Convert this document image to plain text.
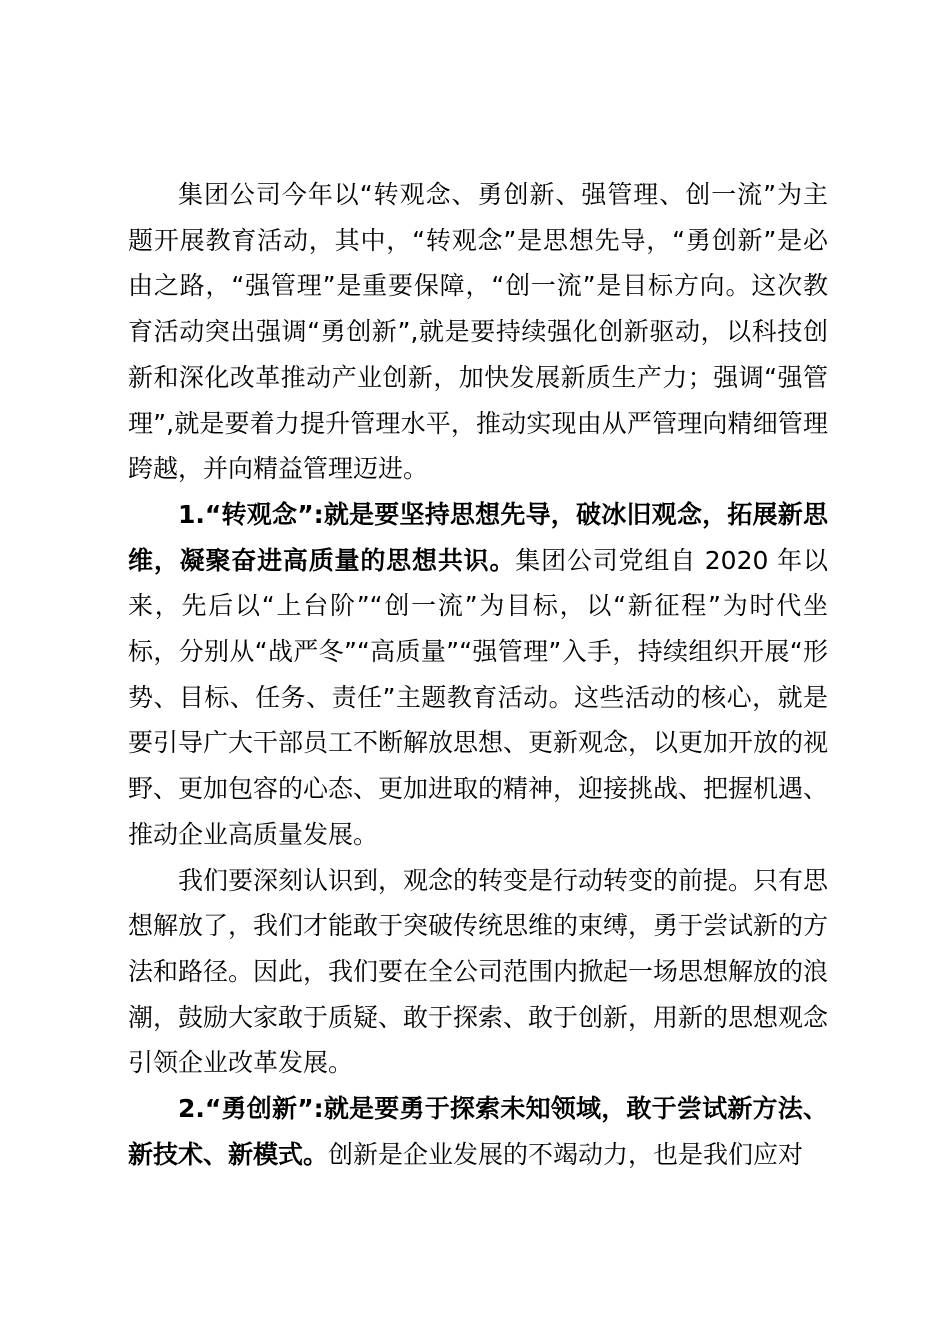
集团公司今年以“转观念、勇创新、强管理、创一流”为主题开展教育活动，其中，“转观念”是思想先导，“勇创新”是必由之路，“强管理”是重要保障，“创一流”是目标方向。这次教育活动突出强调“勇创新”,就是要持续强化创新驱动，以科技创新和深化改革推动产业创新，加快发展新质生产力；强调“强管理”,就是要着力提升管理水平，推动实现由从严管理向精细管理跨越，并向精益管理迈进。

1.“转观念”:就是要坚持思想先导，破冰旧观念，拓展新思维，凝聚奋进高质量的思想共识。集团公司党组自 2020 年以来，先后以“上台阶”“创一流”为目标，以“新征程”为时代坐标，分别从“战严冬”“高质量”“强管理”入手，持续组织开展“形势、目标、任务、责任”主题教育活动。这些活动的核心，就是要引导广大干部员工不断解放思想、更新观念，以更加开放的视野、更加包容的心态、更加进取的精神，迎接挑战、把握机遇、推动企业高质量发展。

我们要深刻认识到，观念的转变是行动转变的前提。只有思想解放了，我们才能敢于突破传统思维的束缚，勇于尝试新的方法和路径。因此，我们要在全公司范围内掀起一场思想解放的浪潮，鼓励大家敢于质疑、敢于探索、敢于创新，用新的思想观念引领企业改革发展。

2.“勇创新”:就是要勇于探索未知领域，敢于尝试新方法、新技术、新模式。创新是企业发展的不竭动力，也是我们应对
